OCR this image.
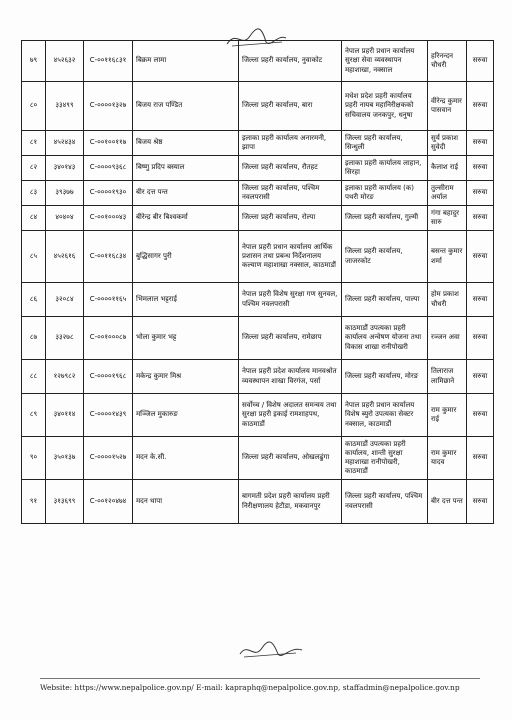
७९	४५२६३२	C-००११६८३१	बिक्रम लामा	जिल्ला प्रहरी कार्यालय, नुवाकोट	नेपाल प्रहरी प्रधान कार्यालय सुरक्षा सेवा व्यवस्थापन महाशाखा, नक्साल	हरिनन्दन चौधरी	सरुवा
८०	३३४९९	C-००००१३२७	बिजय राज पण्डित	जिल्ला प्रहरी कार्यालय, बारा	मधेश प्रदेश प्रहरी कार्यालय प्रहरी नायब महानिरीक्षकको सचिवालय जनकपुर, धनुषा	वीरेन्द्र कुमार पासवान	सरुवा
८१	४५२४३४	C-००१००११७	बिजय श्रेष्ठ	इलाका प्रहरी कार्यालय अनारमनी, झापा	जिल्ला प्रहरी कार्यालय, सिन्धुली	सुर्य प्रकाश सुवेदी	सरुवा
८२	३४०१४३	C-००००९३६८	बिष्णु प्रदिप बस्याल	जिल्ला प्रहरी कार्यालय, रौतहट	इलाका प्रहरी कार्यालय लाहान, सिरहा	कैलाश राई	सरुवा
८३	३९३७७	C-००००१९३०	बीर दत्त पन्त	जिल्ला प्रहरी कार्यालय, पश्चिम नवलपरासी	इलाका प्रहरी कार्यालय (क) पथरी मोरङ	तुल्सीराम अर्याल	सरुवा
८४	४०४०४	C-००१०००४३	बीरेन्द्र बीर बिश्वकर्मा	जिल्ला प्रहरी कार्यालय, रोल्पा	जिल्ला प्रहरी कार्यालय, गुल्मी	गंगा बहादुर सारु	सरुवा
८५	४५२६१६	C-००११६८३४	बुद्धिसागर पुरी	नेपाल प्रहरी प्रधान कार्यालय आर्थिक प्रशासन तथा प्रबन्ध निर्देशनालय कल्याण महाशाखा नक्साल, काठमाडौं	जिल्ला प्रहरी कार्यालय, जाजरकोट	बसन्त कुमार शर्मा	सरुवा
८६	३२०८४	C-००००११६५	भिमलाल भट्टराई	नेपाल प्रहरी विशेष सुरक्षा गण सुनवल, पश्चिम नवलपरासी	जिल्ला प्रहरी कार्यालय, पाल्पा	होम प्रकाश चौधरी	सरुवा
८७	३३२७८	C-००१०००८७	भोला कुमार भट्ट	जिल्ला प्रहरी कार्यालय, रामेछाप	काठमाडौं उपत्यका प्रहरी कार्यालय अन्वेषण योजना तथा विकास शाखा रानीपोखरी	रञ्जन अवा	सरुवा
८८	१२७९८२	C-००००१९६८	मकेन्द्र कुमार मिश्र	नेपाल प्रहरी प्रदेश कार्यालय मानवश्रोत व्यवस्थापन शाखा विरगंज, पर्सा	जिल्ला प्रहरी कार्यालय, मोरङ	तिलाराज लामिछाने	सरुवा
८९	३४०११४	C-००००१४३९	मञ्जिल मुकारुङ	सर्वोच्च / विशेष अदालत समन्वय तथा सुरक्षा प्रहरी इकाई रामशाहपथ, काठमाडौं	नेपाल प्रहरी प्रधान कार्यालय विशेष ब्युरो उपत्यका सेक्टर नक्साल, काठमाडौं	राम कुमार राई	सरुवा
९०	३५०१३७	C-००००१५२७	मदन के.सी.	जिल्ला प्रहरी कार्यालय, ओखलढुंगा	काठमाडौं उपत्यका प्रहरी कार्यालय, शान्ती सुरक्षा महाशाखा रानीपोखरी, काठमाडौं	राम कुमार यादव	सरुवा
९१	३१३६९९	C-००१२०४७४	मदन थापा	बागमती प्रदेश प्रहरी कार्यालय प्रहरी निरीक्षणालय हेटौडा, मकवानपुर	जिल्ला प्रहरी कार्यालय, पश्चिम नवलपरासी	बीर दत्त पन्त	सरुवा
Website: https://www.nepalpolice.gov.np/ E-mail: kapraphq@nepalpolice.gov.np, staffadmin@nepalpolice.gov.np
